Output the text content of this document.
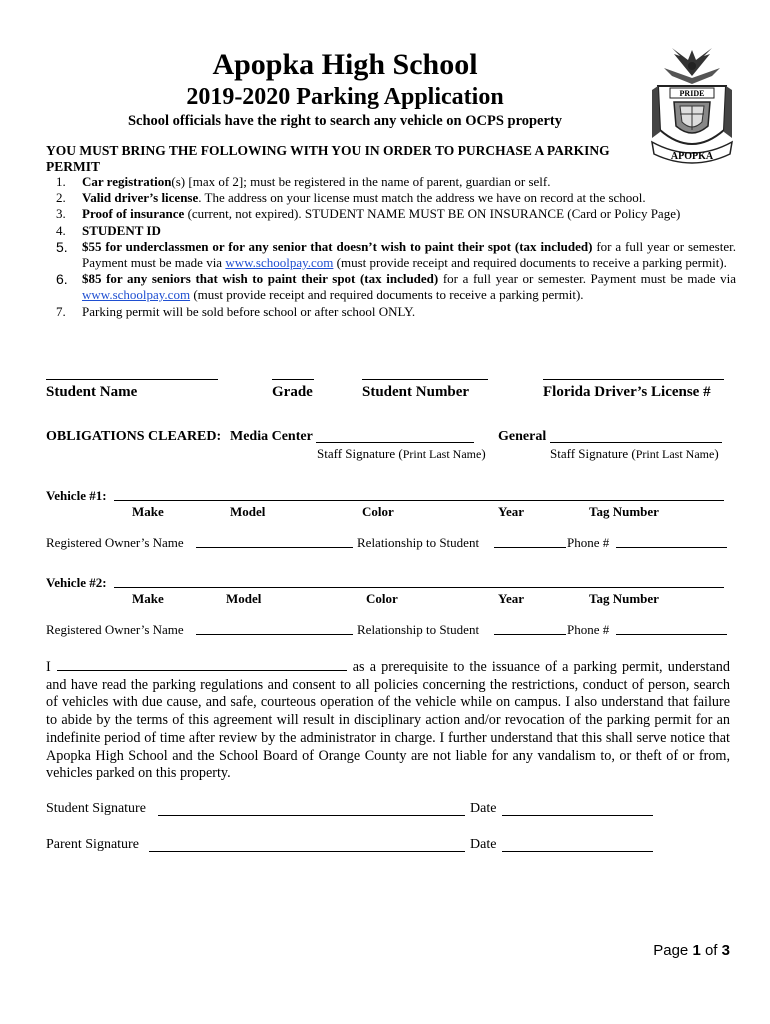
Apopka High School
2019-2020 Parking Application
School officials have the right to search any vehicle on OCPS property
PRIDE
APOPKA
YOU MUST BRING THE FOLLOWING WITH YOU IN ORDER TO PURCHASE A PARKING PERMIT
1. Car registration(s) [max of 2]; must be registered in the name of parent, guardian or self.
2. Valid driver’s license. The address on your license must match the address we have on record at the school.
3. Proof of insurance (current, not expired). STUDENT NAME MUST BE ON INSURANCE (Card or Policy Page)
4. STUDENT ID
5. $55 for underclassmen or for any senior that doesn’t wish to paint their spot (tax included) for a full year or semester. Payment must be made via www.schoolpay.com (must provide receipt and required documents to receive a parking permit).
6. $85 for any seniors that wish to paint their spot (tax included) for a full year or semester. Payment must be made via www.schoolpay.com (must provide receipt and required documents to receive a parking permit).
7. Parking permit will be sold before school or after school ONLY.
Student Name	Grade	Student Number	Florida Driver’s License #
OBLIGATIONS CLEARED: Media Center	General
Staff Signature (Print Last Name)	Staff Signature (Print Last Name)
Vehicle #1:
Make	Model	Color	Year	Tag Number
Registered Owner’s Name	Relationship to Student	Phone #
Vehicle #2:
Make	Model	Color	Year	Tag Number
Registered Owner’s Name	Relationship to Student	Phone #
I	as a prerequisite to the issuance of a parking permit, understand and have read the parking regulations and consent to all policies concerning the restrictions, conduct of person, search of vehicles with due cause, and safe, courteous operation of the vehicle while on campus. I also understand that failure to abide by the terms of this agreement will result in disciplinary action and/or revocation of the parking permit for an indefinite period of time after review by the administrator in charge. I further understand that this shall serve notice that Apopka High School and the School Board of Orange County are not liable for any vandalism to, or theft of or from, vehicles parked on this property.
Student Signature	Date
Parent Signature	Date
Page 1 of 3
